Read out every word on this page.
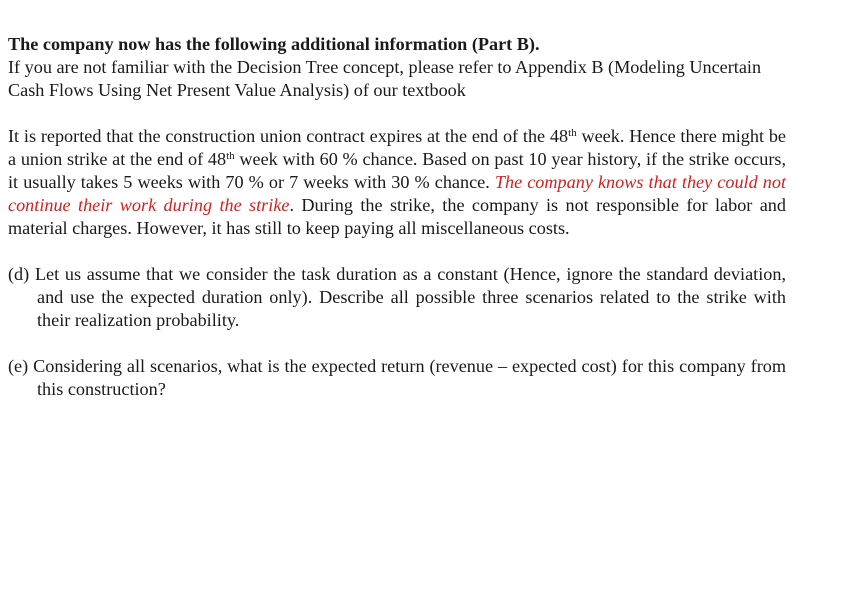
The company now has the following additional information (Part B).

If you are not familiar with the Decision Tree concept, please refer to Appendix B (Modeling Uncertain Cash Flows Using Net Present Value Analysis) of our textbook

It is reported that the construction union contract expires at the end of the 48th week. Hence there might be a union strike at the end of 48th week with 60 % chance. Based on past 10 year history, if the strike occurs, it usually takes 5 weeks with 70 % or 7 weeks with 30 % chance. The company knows that they could not continue their work during the strike. During the strike, the company is not responsible for labor and material charges. However, it has still to keep paying all miscellaneous costs.

(d) Let us assume that we consider the task duration as a constant (Hence, ignore the standard deviation, and use the expected duration only). Describe all possible three scenarios related to the strike with their realization probability.

(e) Considering all scenarios, what is the expected return (revenue – expected cost) for this company from this construction?
